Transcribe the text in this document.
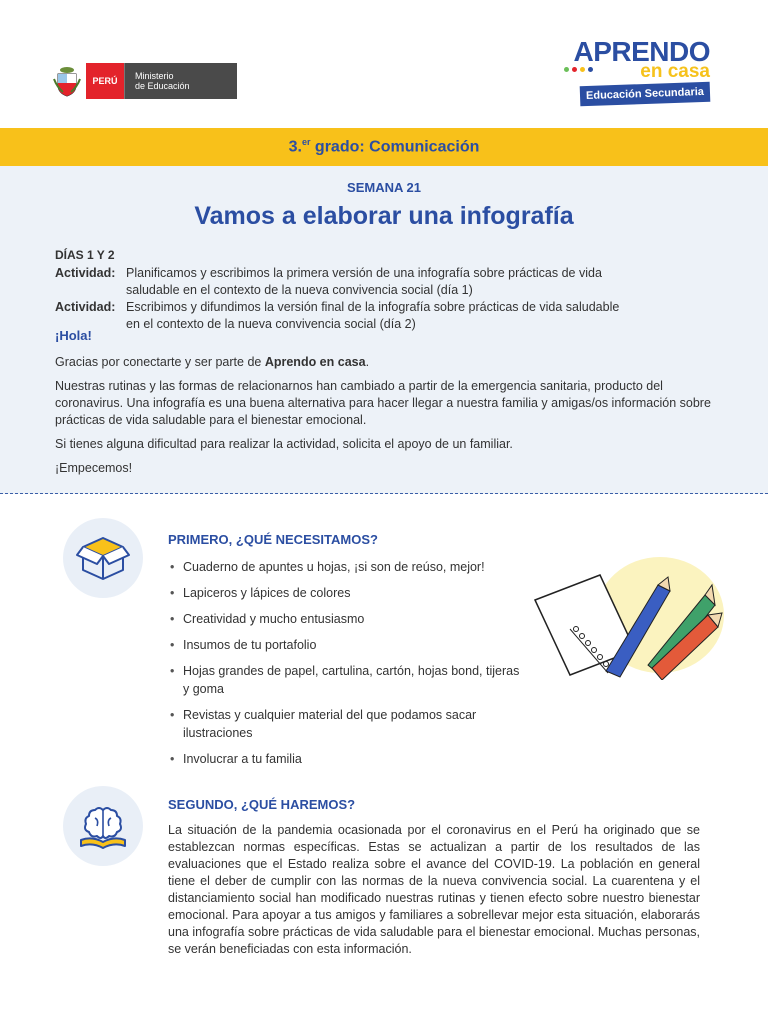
PERÚ	Ministerio
de Educación
APRENDO
en casa
Educación Secundaria
3.$^{er}$ grado: Comunicación
SEMANA 21
Vamos a elaborar una infografía
DÍAS 1 Y 2
Actividad: Planificamos y escribimos la primera versión de una infografía sobre prácticas de vida
saludable en el contexto de la nueva convivencia social (día 1)
Actividad: Escribimos y difundimos la versión final de la infografía sobre prácticas de vida saludable
en el contexto de la nueva convivencia social (día 2)
¡Hola!
Gracias por conectarte y ser parte de Aprendo en casa.
Nuestras rutinas y las formas de relacionarnos han cambiado a partir de la emergencia sanitaria, producto del coronavirus. Una infografía es una buena alternativa para hacer llegar a nuestra familia y amigas/os información sobre prácticas de vida saludable para el bienestar emocional.
Si tienes alguna dificultad para realizar la actividad, solicita el apoyo de un familiar.
¡Empecemos!
PRIMERO, ¿QUÉ NECESITAMOS?
• Cuaderno de apuntes u hojas, ¡si son de reúso, mejor!
• Lapiceros y lápices de colores
• Creatividad y mucho entusiasmo
• Insumos de tu portafolio
• Hojas grandes de papel, cartulina, cartón, hojas bond, tijeras y goma
• Revistas y cualquier material del que podamos sacar ilustraciones
• Involucrar a tu familia
SEGUNDO, ¿QUÉ HAREMOS?
La situación de la pandemia ocasionada por el coronavirus en el Perú ha originado que se establezcan normas específicas. Estas se actualizan a partir de los resultados de las evaluaciones que el Estado realiza sobre el avance del COVID-19. La población en general tiene el deber de cumplir con las normas de la nueva convivencia social. La cuarentena y el distanciamiento social han modificado nuestras rutinas y tienen efecto sobre nuestro bienestar emocional. Para apoyar a tus amigos y familiares a sobrellevar mejor esta situación, elaborarás una infografía sobre prácticas de vida saludable para el bienestar emocional. Muchas personas, se verán beneficiadas con esta información.
